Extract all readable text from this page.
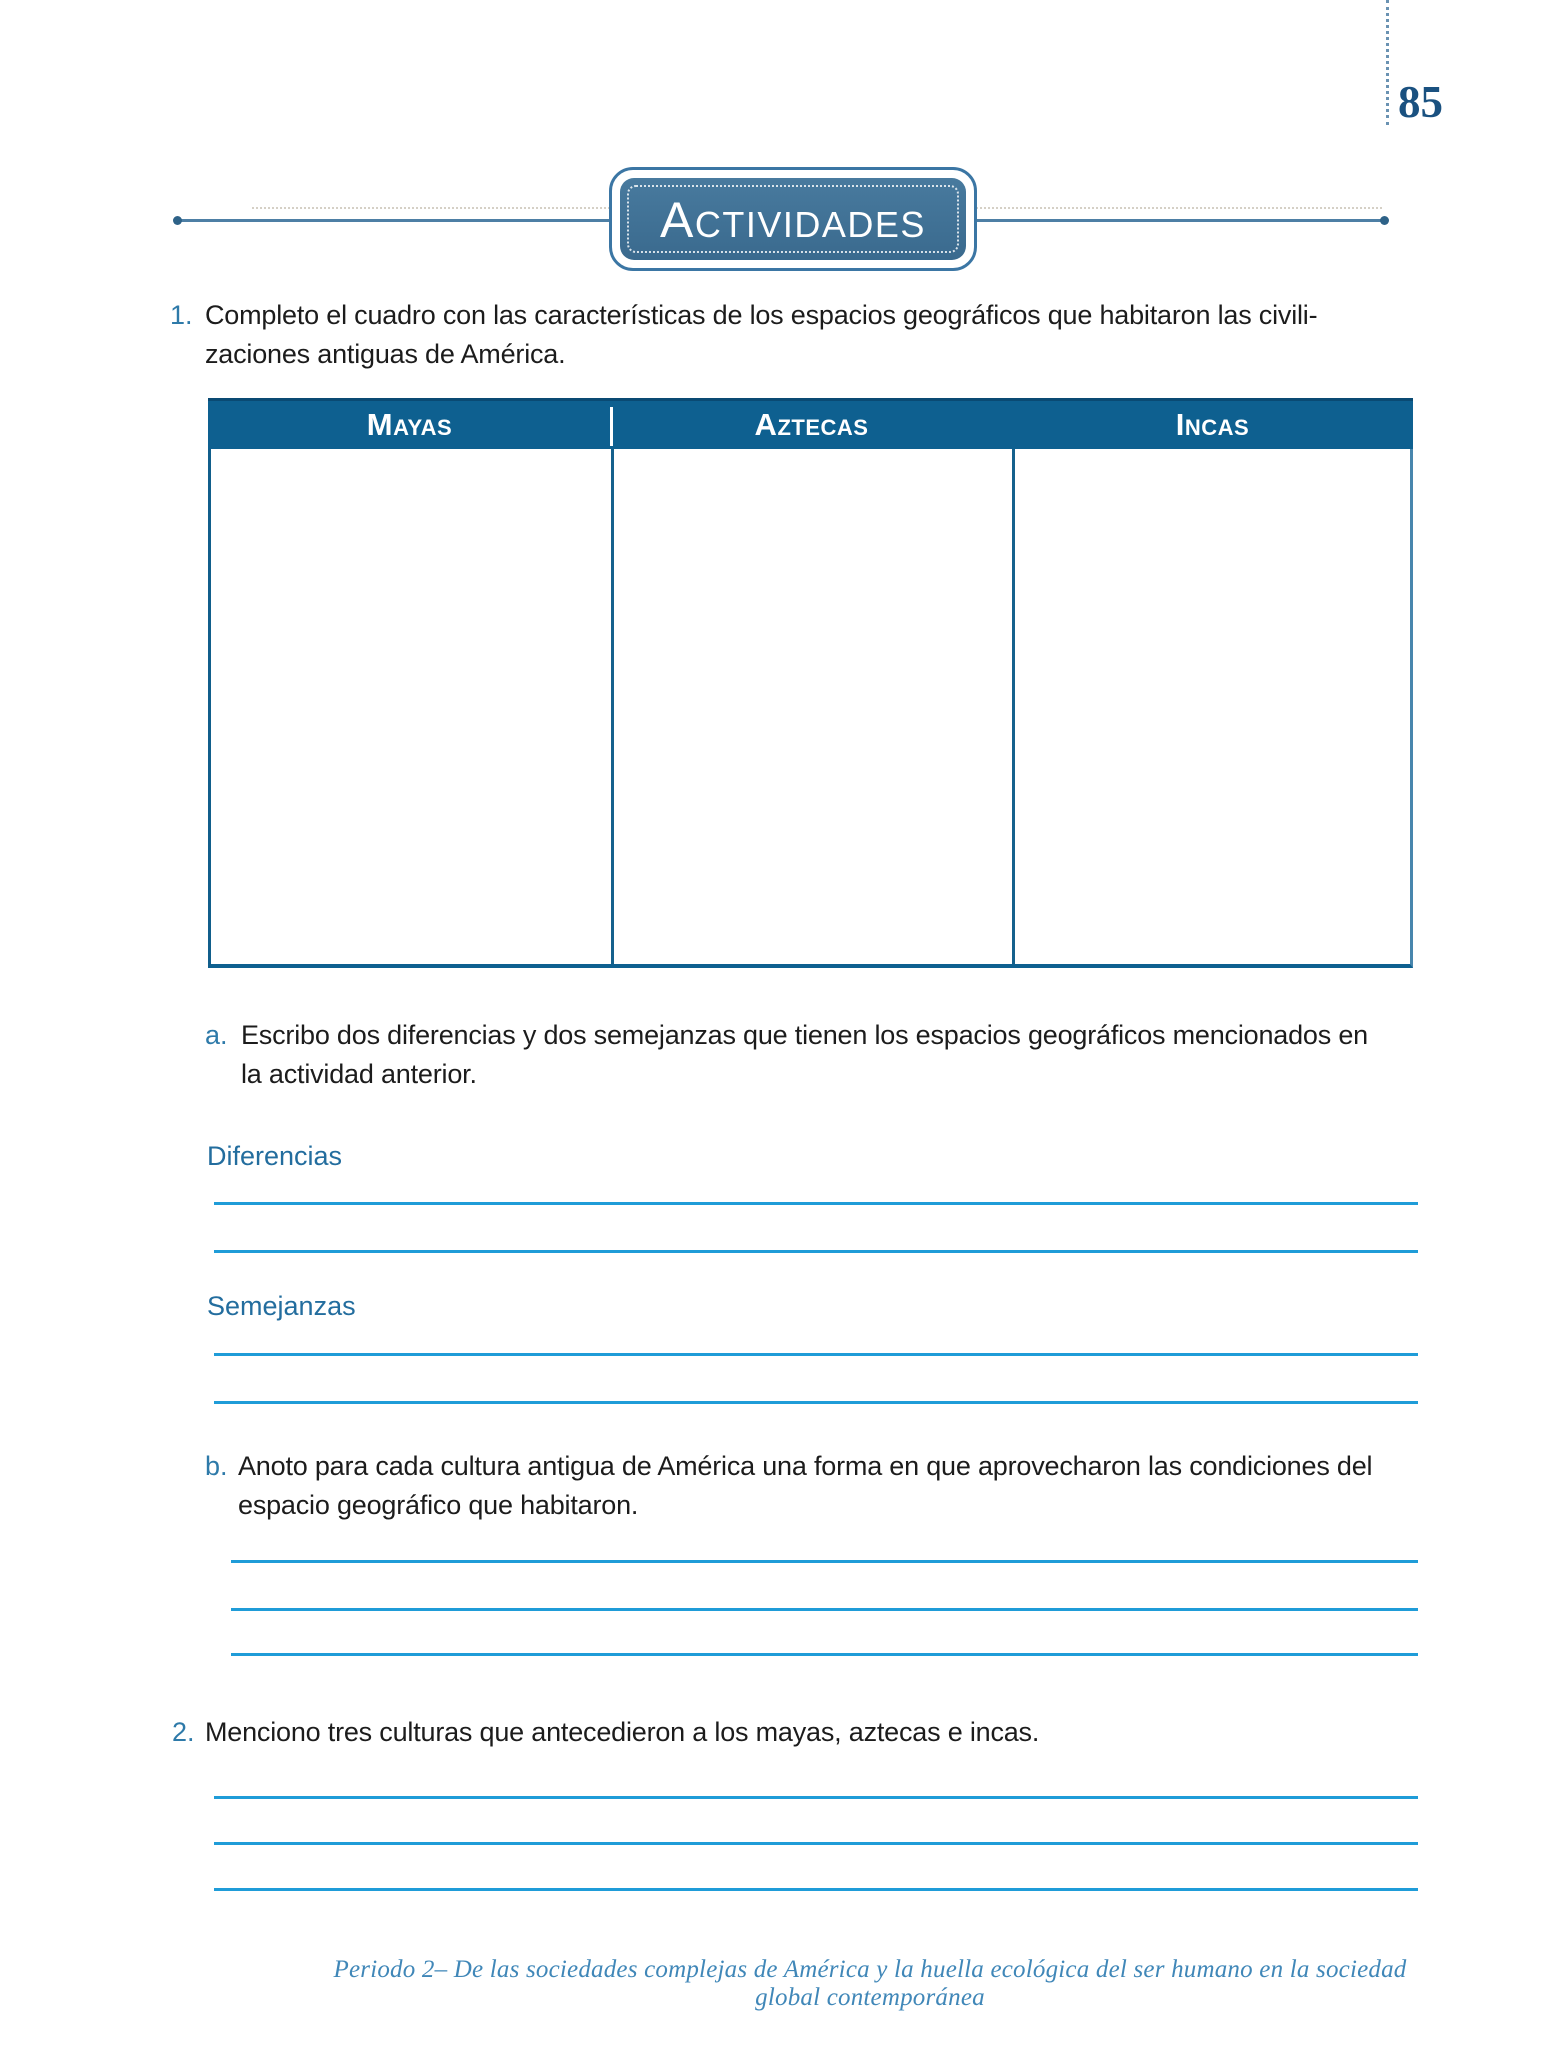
85
ACTIVIDADES
1. Completo el cuadro con las características de los espacios geográficos que habitaron las civili-
zaciones antiguas de América.
MAYAS	AZTECAS	INCAS
a. Escribo dos diferencias y dos semejanzas que tienen los espacios geográficos mencionados en
la actividad anterior.
Diferencias
Semejanzas
b. Anoto para cada cultura antigua de América una forma en que aprovecharon las condiciones del
espacio geográfico que habitaron.
2. Menciono tres culturas que antecedieron a los mayas, aztecas e incas.
Periodo 2– De las sociedades complejas de América y la huella ecológica del ser humano en la sociedad global contemporánea
